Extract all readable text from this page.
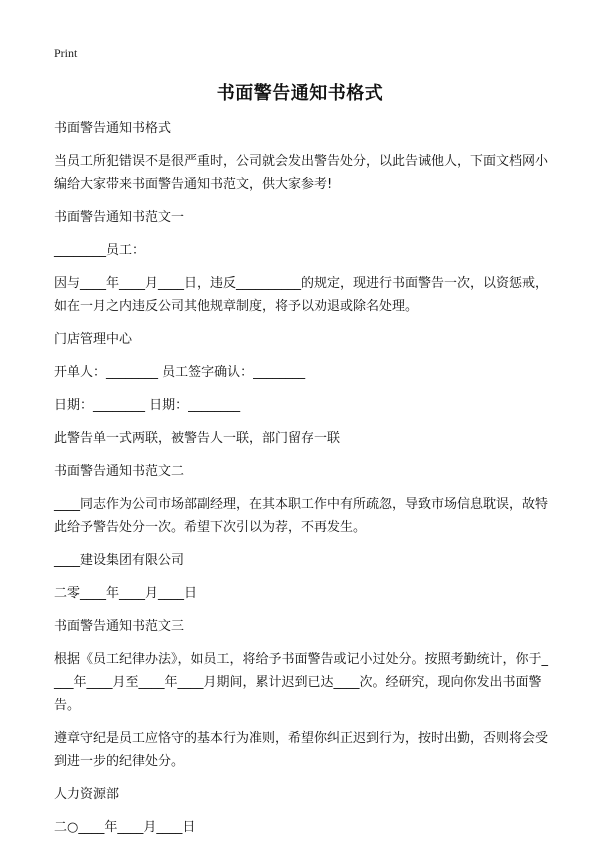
Print
书面警告通知书格式

书面警告通知书格式

当员工所犯错误不是很严重时，公司就会发出警告处分，以此告诫他人，下面文档网小编给大家带来书面警告通知书范文，供大家参考!

书面警告通知书范文一

________员工：

因与____年____月____日，违反__________的规定，现进行书面警告一次，以资惩戒，如在一月之内违反公司其他规章制度，将予以劝退或除名处理。

门店管理中心

开单人：________ 员工签字确认：________

日期：________ 日期：________

此警告单一式两联，被警告人一联，部门留存一联

书面警告通知书范文二

____同志作为公司市场部副经理，在其本职工作中有所疏忽，导致市场信息耽误，故特此给予警告处分一次。希望下次引以为荐，不再发生。

____建设集团有限公司

二零____年____月____日

书面警告通知书范文三

根据《员工纪律办法》，如员工，将给予书面警告或记小过处分。按照考勤统计，你于____年____月至____年____月期间，累计迟到已达____次。经研究，现向你发出书面警告。

遵章守纪是员工应恪守的基本行为准则，希望你纠正迟到行为，按时出勤，否则将会受到进一步的纪律处分。

人力资源部

二○____年____月____日
